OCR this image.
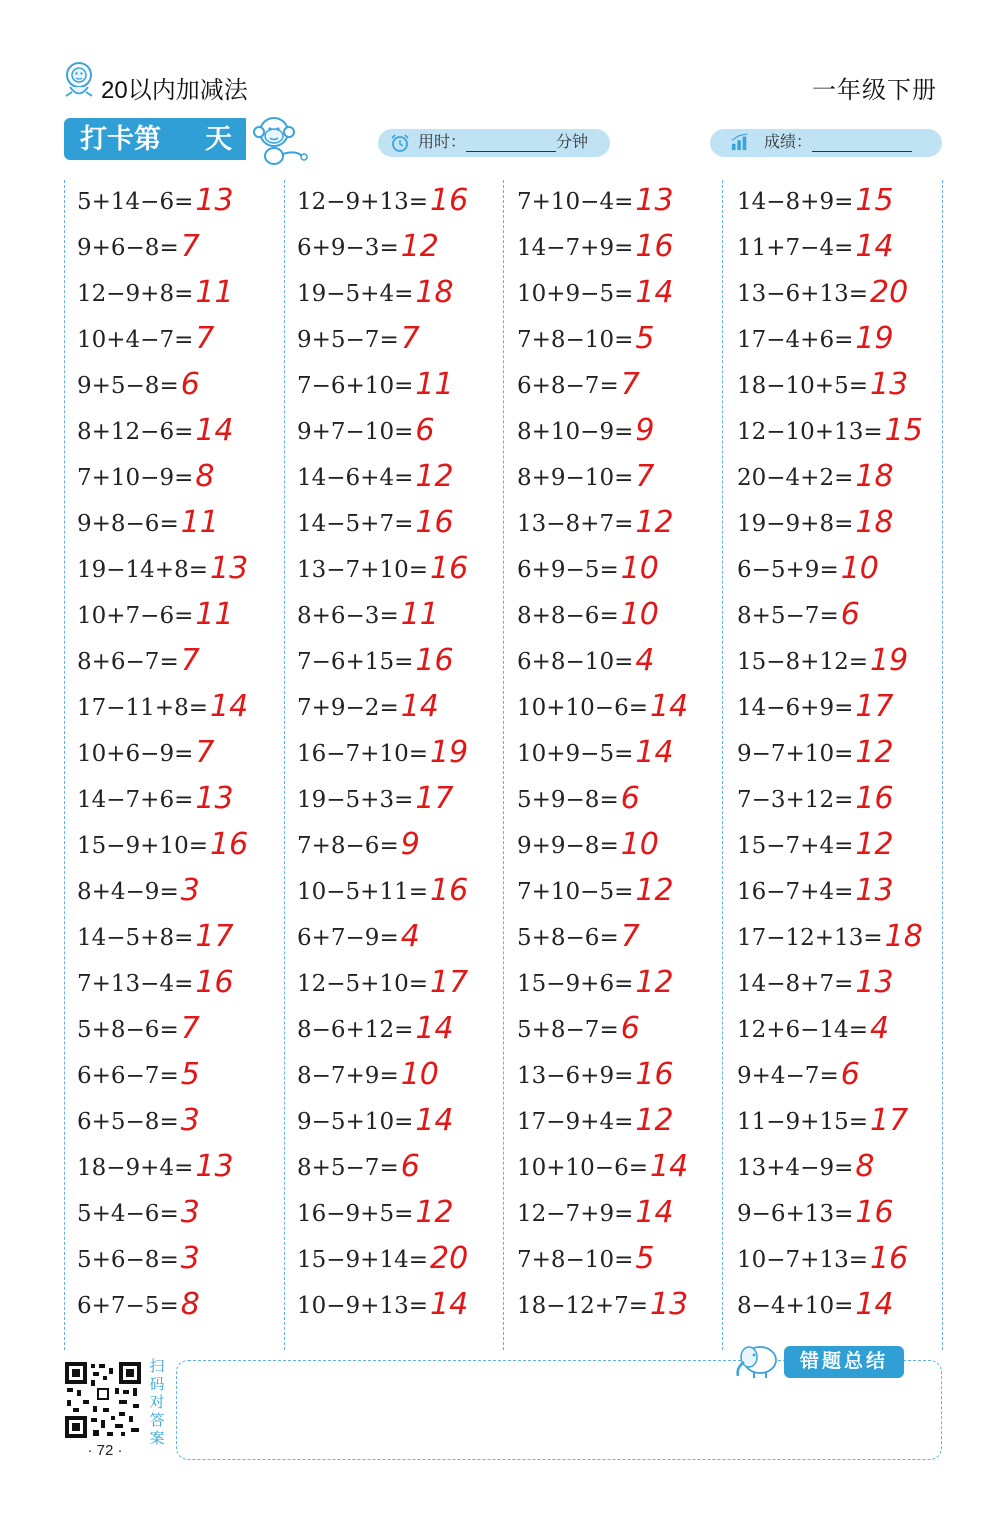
20以内加减法	一年级下册
打卡第 天	用时：	分钟	成绩：
5+14−6=13
9+6−8=7
12−9+8=11
10+4−7=7
9+5−8=6
8+12−6=14
7+10−9=8
9+8−6=11
19−14+8=13
10+7−6=11
8+6−7=7
17−11+8=14
10+6−9=7
14−7+6=13
15−9+10=16
8+4−9=3
14−5+8=17
7+13−4=16
5+8−6=7
6+6−7=5
6+5−8=3
18−9+4=13
5+4−6=3
5+6−8=3
6+7−5=8
12−9+13=16
6+9−3=12
19−5+4=18
9+5−7=7
7−6+10=11
9+7−10=6
14−6+4=12
14−5+7=16
13−7+10=16
8+6−3=11
7−6+15=16
7+9−2=14
16−7+10=19
19−5+3=17
7+8−6=9
10−5+11=16
6+7−9=4
12−5+10=17
8−6+12=14
8−7+9=10
9−5+10=14
8+5−7=6
16−9+5=12
15−9+14=20
10−9+13=14
7+10−4=13
14−7+9=16
10+9−5=14
7+8−10=5
6+8−7=7
8+10−9=9
8+9−10=7
13−8+7=12
6+9−5=10
8+8−6=10
6+8−10=4
10+10−6=14
10+9−5=14
5+9−8=6
9+9−8=10
7+10−5=12
5+8−6=7
15−9+6=12
5+8−7=6
13−6+9=16
17−9+4=12
10+10−6=14
12−7+9=14
7+8−10=5
18−12+7=13
14−8+9=15
11+7−4=14
13−6+13=20
17−4+6=19
18−10+5=13
12−10+13=15
20−4+2=18
19−9+8=18
6−5+9=10
8+5−7=6
15−8+12=19
14−6+9=17
9−7+10=12
7−3+12=16
15−7+4=12
16−7+4=13
17−12+13=18
14−8+7=13
12+6−14=4
9+4−7=6
11−9+15=17
13+4−9=8
9−6+13=16
10−7+13=16
8−4+10=14
扫码对答案
· 72 ·
错题总结
